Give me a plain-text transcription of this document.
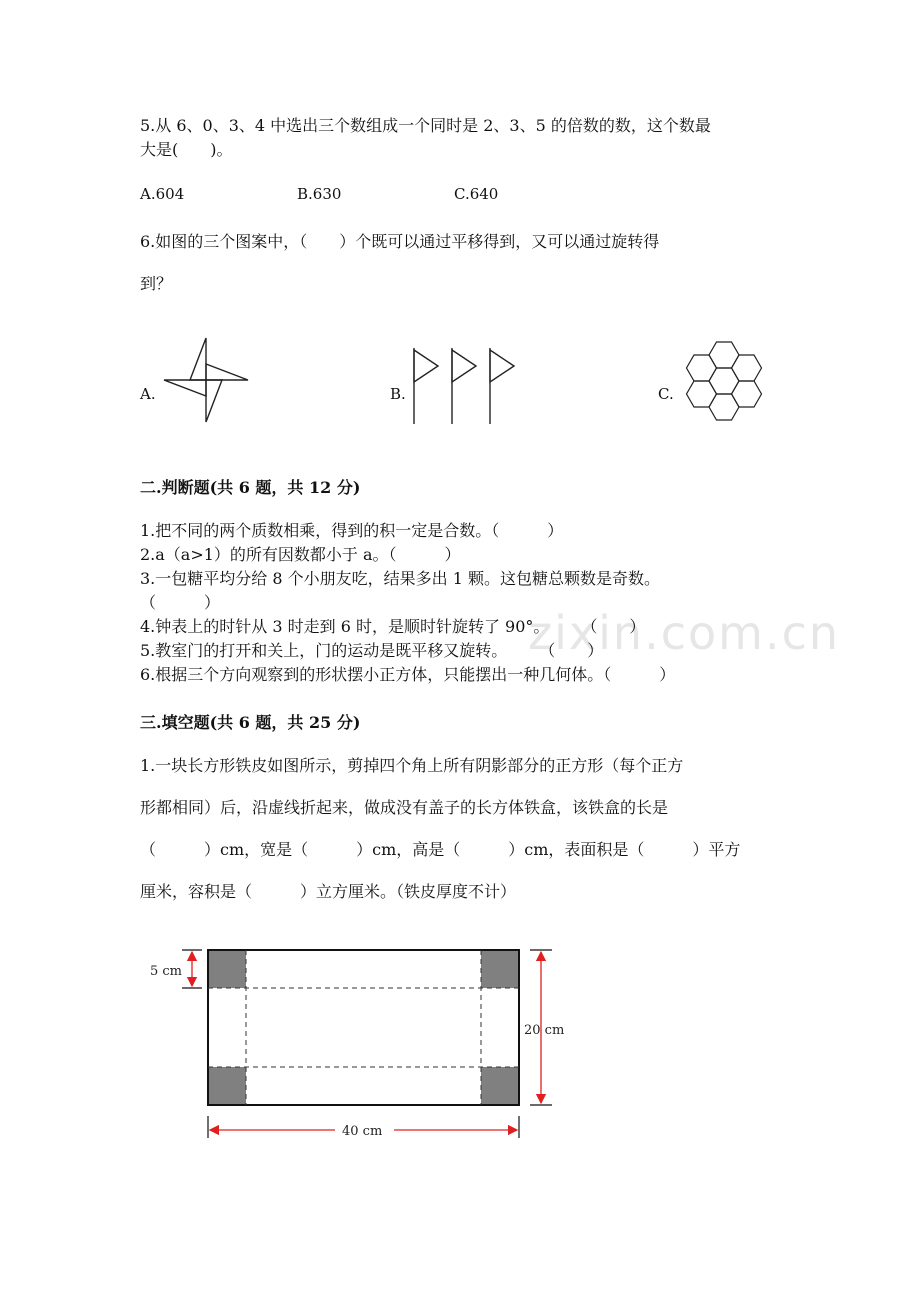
zixin.com.cn
5.从 6、0、3、4 中选出三个数组成一个同时是 2、3、5 的倍数的数，这个数最
大是(　　)。
A.604	B.630	C.640
6.如图的三个图案中，（　　）个既可以通过平移得到，又可以通过旋转得
到？
A.	B.	C.
二.判断题(共 6 题，共 12 分)
1.把不同的两个质数相乘，得到的积一定是合数。（　　　）
2.a（a>1）的所有因数都小于 a。（　　　）
3.一包糖平均分给 8 个小朋友吃，结果多出 1 颗。这包糖总颗数是奇数。
（　　　）
4.钟表上的时针从 3 时走到 6 时，是顺时针旋转了 90°。　　　（　　）
5.教室门的打开和关上，门的运动是既平移又旋转。　　　（　　）
6.根据三个方向观察到的形状摆小正方体，只能摆出一种几何体。（　　　）
三.填空题(共 6 题，共 25 分)
1.一块长方形铁皮如图所示，剪掉四个角上所有阴影部分的正方形（每个正方
形都相同）后，沿虚线折起来，做成没有盖子的长方体铁盒，该铁盒的长是
（　　　）cm，宽是（　　　）cm，高是（　　　）cm，表面积是（　　　）平方
厘米，容积是（　　　）立方厘米。（铁皮厚度不计）
5 cm
20 cm
40 cm
